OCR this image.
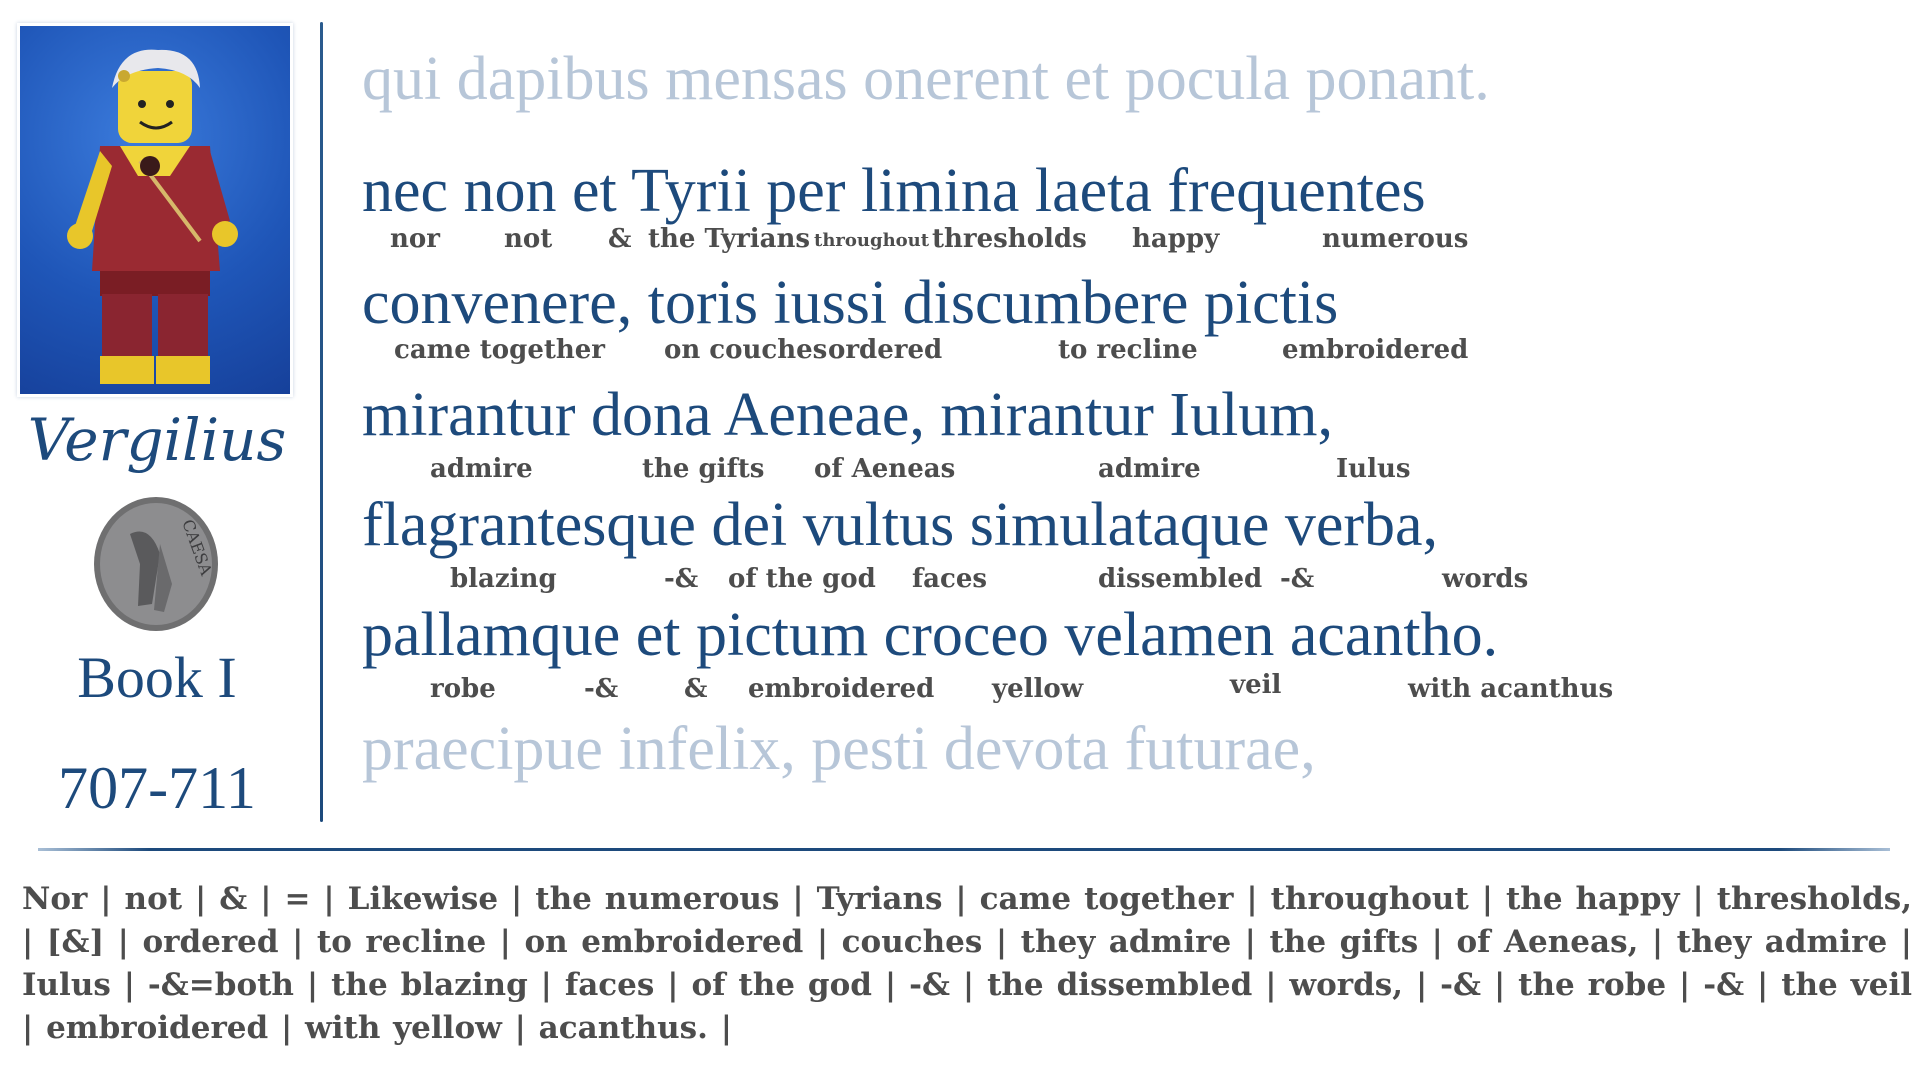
Vergilius
CAESA
Book I
707-711
qui dapibus mensas onerent et pocula ponant.
nec non et Tyrii per limina laeta frequentes
nor not & the Tyrians throughout thresholds happy	numerous
convenere, toris iussi discumbere pictis
came together on couches ordered	to recline	embroidered
mirantur dona Aeneae, mirantur Iulum,
admire	the gifts of Aeneas	admire	Iulus
flagrantesque dei vultus simulataque verba,
blazing	-& of the god faces	dissembled -&	words
pallamque et pictum croceo velamen acantho.
robe	-&	& embroidered yellow	veil	with acanthus
praecipue infelix, pesti devota futurae,
Nor | not | & | = | Likewise | the numerous | Tyrians | came together | throughout | the happy | thresholds, | [&] | ordered | to recline | on embroidered | couches | they admire | the gifts | of Aeneas, | they admire | Iulus | -&=both | the blazing | faces | of the god | -& | the dissembled | words, | -& | the robe | -& | the veil | embroidered | with yellow | acanthus. |
